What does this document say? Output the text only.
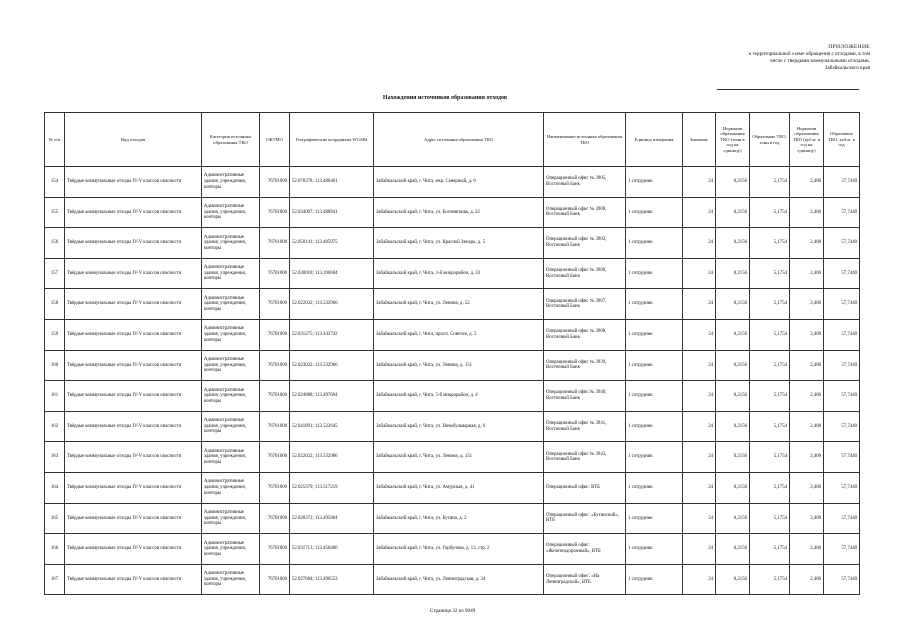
ПРИЛОЖЕНИЕ
к территориальной схеме обращения с отходами, в том
числе с твердыми коммунальными отходами,
Забайкальского края
Нахождения источников образования отходов
№ п/п	Вид отходов	Категория источника образования ТКО	ОКТМО	Географические координаты WGS84	Адрес источника образования ТКО	Наименование источника образования ТКО	Единица измерения	Значение	Норматив образования ТКО (тонн в год на единицу)	Образовано ТКО, тонн в год	Норматив образования ТКО (куб.м. в год на единицу)	Образовано ТКО, куб.м. в год
154	Твёрдые коммунальные отходы IV-V классов опасности	Административные здания, учреждения, конторы	76701000	52.076378; 113.486461	Забайкальский край, г. Чита, мкр. Северный, д. 6	Операционный офис № 3905, Восточный Банк	1 сотрудник	24	0,2156	5,1754	2,406	57,7440
155	Твёрдые коммунальные отходы IV-V классов опасности	Административные здания, учреждения, конторы	76701000	52.034007; 113.488841	Забайкальский край, г. Чита, ул. Богомягкова, д. 22	Операционный офис № 3900, Восточный Банк	1 сотрудник	24	0,2156	5,1754	2,406	57,7440
156	Твёрдые коммунальные отходы IV-V классов опасности	Административные здания, учреждения, конторы	76701000	52.050141; 113.485975	Забайкальский край, г. Чита, ул. Красной Звезды, д. 5	Операционный офис № 3903, Восточный Банк	1 сотрудник	24	0,2156	5,1754	2,406	57,7440
157	Твёрдые коммунальные отходы IV-V классов опасности	Административные здания, учреждения, конторы	76701000	52.030010; 113.396604	Забайкальский край, г. Чита, 3-й микрорайон, д. 33	Операционный офис № 3906, Восточный Банк	1 сотрудник	24	0,2156	5,1754	2,406	57,7440
158	Твёрдые коммунальные отходы IV-V классов опасности	Административные здания, учреждения, конторы	76701000	52.022032; 113.532966	Забайкальский край, г. Чита, ул. Ленина, д. 52	Операционный офис № 3907, Восточный Банк	1 сотрудник	24	0,2156	5,1754	2,406	57,7440
159	Твёрдые коммунальные отходы IV-V классов опасности	Административные здания, учреждения, конторы	76701000	52.031275; 113.443742	Забайкальский край, г. Чита, просп. Советов, д. 5	Операционный офис № 3908, Восточный Банк	1 сотрудник	24	0,2156	5,1754	2,406	57,7440
160	Твёрдые коммунальные отходы IV-V классов опасности	Административные здания, учреждения, конторы	76701000	52.023032; 113.532966	Забайкальский край, г. Чита, ул. Ленина, д. 151	Операционный офис № 3939, Восточный Банк	1 сотрудник	24	0,2156	5,1754	2,406	57,7440
161	Твёрдые коммунальные отходы IV-V классов опасности	Административные здания, учреждения, конторы	76701000	52.024888; 113.497694	Забайкальский край, г. Чита, 5-й микрорайон, д. 4	Операционный офис № 3940, Восточный Банк	1 сотрудник	24	0,2156	5,1754	2,406	57,7440
162	Твёрдые коммунальные отходы IV-V классов опасности	Административные здания, учреждения, конторы	76701000	52.041891; 113.522645	Забайкальский край, г. Чита, ул. Новобульварная, д. 6	Операционный офис № 3941, Восточный Банк	1 сотрудник	24	0,2156	5,1754	2,406	57,7440
163	Твёрдые коммунальные отходы IV-V классов опасности	Административные здания, учреждения, конторы	76701000	52.022032; 113.532966	Забайкальский край, г. Чита, ул. Ленина, д. 151	Операционный офис № 3943, Восточный Банк	1 сотрудник	24	0,2156	5,1754	2,406	57,7440
164	Твёрдые коммунальные отходы IV-V классов опасности	Административные здания, учреждения, конторы	76701000	52.025379; 113.517219	Забайкальский край, г. Чита, ул. Амурская, д. 41	Операционный офис: ВТБ	1 сотрудник	24	0,2156	5,1754	2,406	57,7440
165	Твёрдые коммунальные отходы IV-V классов опасности	Административные здания, учреждения, конторы	76701000	52.028372; 113.495884	Забайкальский край, г. Чита, ул. Бутина, д. 2	Операционный офис: «Бутинский», ВТБ	1 сотрудник	24	0,2156	5,1754	2,406	57,7440
166	Твёрдые коммунальные отходы IV-V классов опасности	Административные здания, учреждения, конторы	76701000	52.031713; 113.450466	Забайкальский край, г. Чита, ул. Горбунова, д. 13, стр. 2	Операционный офис: «Железнодорожный», ВТБ	1 сотрудник	24	0,2156	5,1754	2,406	57,7440
167	Твёрдые коммунальные отходы IV-V классов опасности	Административные здания, учреждения, конторы	76701000	52.027684; 113.496553	Забайкальский край, г. Чита, ул. Ленинградская, д. 34	Операционный офис: «На Ленинградской», ВТБ	1 сотрудник	24	0,2156	5,1754	2,406	57,7440
Страница 32 из 9049
